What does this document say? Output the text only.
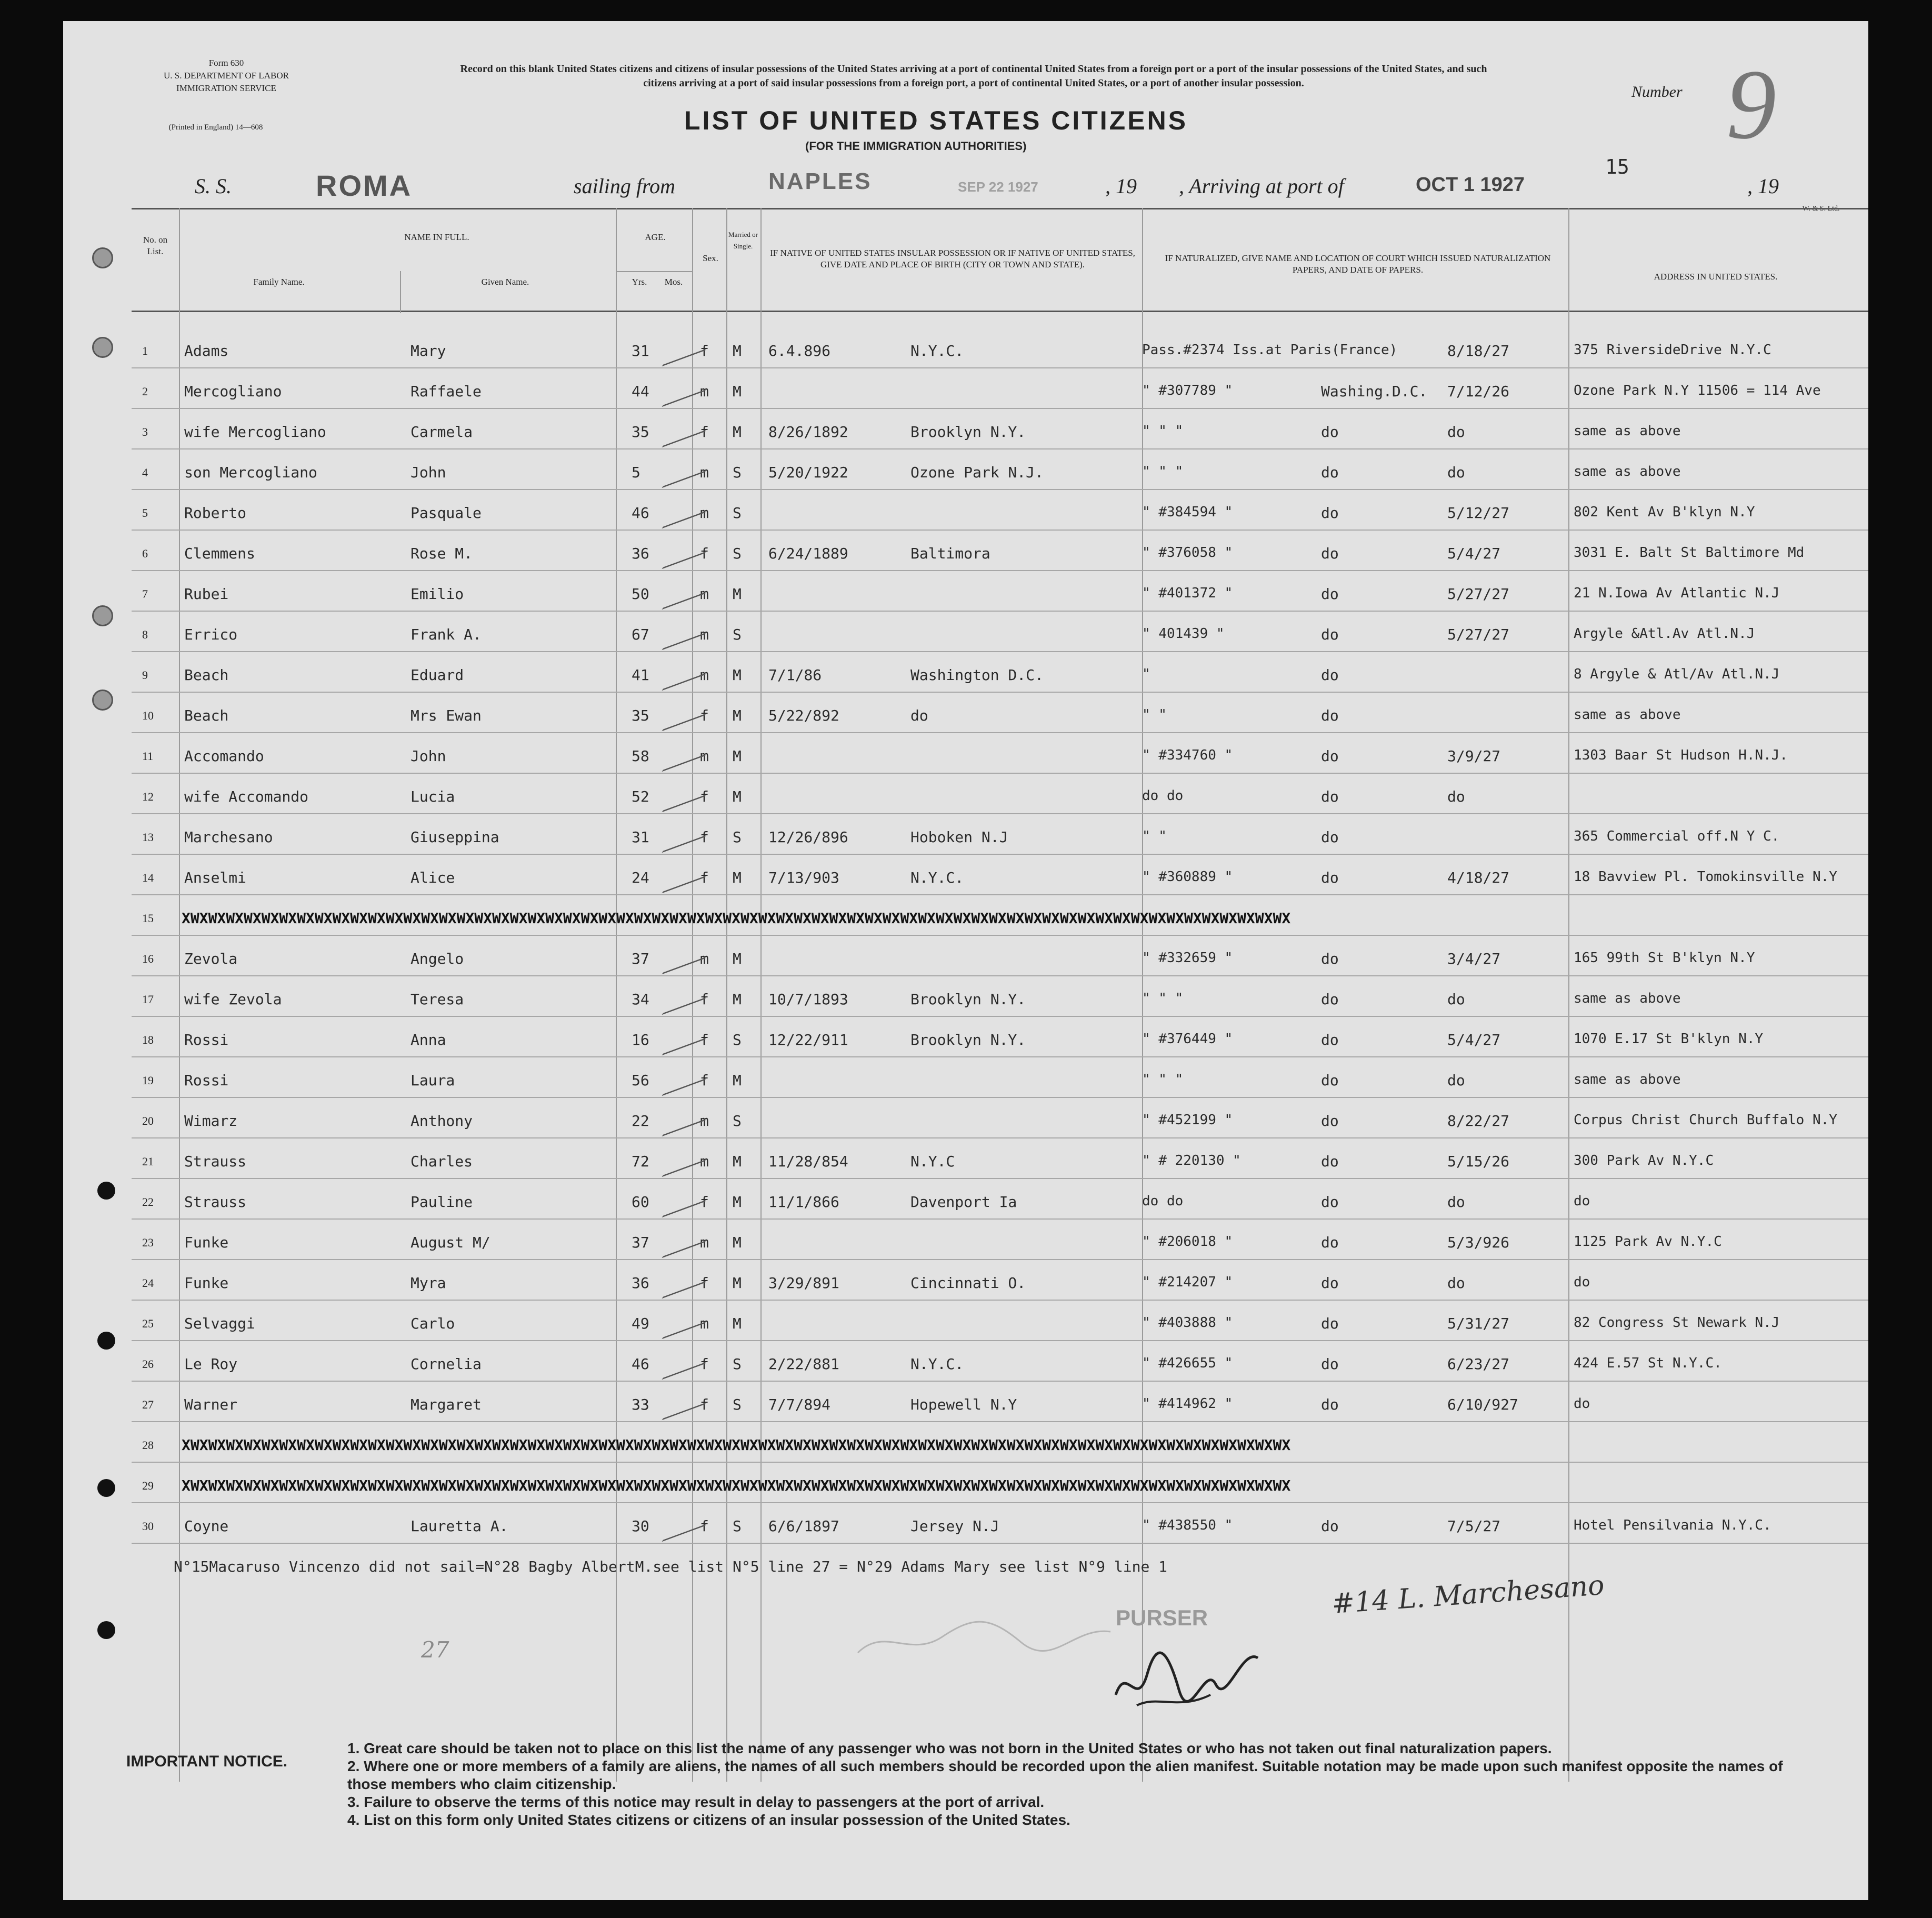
Form 630
U. S. DEPARTMENT OF LABOR
IMMIGRATION SERVICE
(Printed in England) 14—608
Record on this blank United States citizens and citizens of insular possessions of the United States arriving at a port of continental United States from a foreign port or a port of the insular possessions of the United States, and such citizens arriving at a port of said insular possessions from a foreign port, a port of continental United States, or a port of another insular possession.
LIST OF UNITED STATES CITIZENS
(FOR THE IMMIGRATION AUTHORITIES)
Number 9
S. S.	ROMA	sailing from	NAPLES	SEP 22 1927	, 19 , Arriving at port of	OCT 1 1927
15
, 19
No. on List.
NAME IN FULL.
Family Name.	Given Name.
AGE.
Yrs.	Mos.
Sex.
Married or Single.
IF NATIVE OF UNITED STATES INSULAR POSSESSION OR IF NATIVE OF UNITED STATES, GIVE DATE AND PLACE OF BIRTH (CITY OR TOWN AND STATE).
IF NATURALIZED, GIVE NAME AND LOCATION OF COURT WHICH ISSUED NATURALIZATION PAPERS, AND DATE OF PAPERS.
ADDRESS IN UNITED STATES.
1 Adams	Mary	31	f M 6.4.896	N.Y.C.	Pass.#2374 Iss.at Paris(France)	8/18/27	375 RiversideDrive N.Y.C
2 Mercogliano	Raffaele	44	m M	" #307789 "	Washing.D.C. 7/12/26	Ozone Park N.Y 11506 = 114 Ave
3 wife Mercogliano	Carmela	35	f M 8/26/1892	Brooklyn N.Y.	" " "	do	do	same as above
4 son Mercogliano	John	5	m S 5/20/1922	Ozone Park N.J.	" " "	do	do	same as above
5 Roberto	Pasquale	46	m S	" #384594 "	do	5/12/27	802 Kent Av B'klyn N.Y
6 Clemmens	Rose M.	36	f S 6/24/1889	Baltimora	" #376058 "	do	5/4/27	3031 E. Balt St Baltimore Md
7 Rubei	Emilio	50	m M	" #401372 "	do	5/27/27	21 N.Iowa Av Atlantic N.J
8 Errico	Frank A.	67	m S	" 401439 "	do	5/27/27	Argyle &Atl.Av Atl.N.J
9 Beach	Eduard	41	m M 7/1/86	Washington D.C.	"	do	8 Argyle & Atl/Av Atl.N.J
10 Beach	Mrs Ewan	35	f M 5/22/892	do	" "	do	same as above
11 Accomando	John	58	m M	" #334760 "	do	3/9/27	1303 Baar St Hudson H.N.J.
12 wife Accomando	Lucia	52	f M	do do	do	do
13 Marchesano	Giuseppina	31	f S 12/26/896	Hoboken N.J	" "	do	365 Commercial off.N Y C.
14 Anselmi	Alice	24	f M 7/13/903	N.Y.C.	" #360889 "	do	4/18/27	18 Bavview Pl. Tomokinsville N.Y
15 XWXWXWXWXWXWXWXWXWXWXWXWXWXWXWXWXWXWXWXWXWXWXWXWXWXWXWXWXWXWXWXWXWXWXWXWXWXWXWXWXWXWXWXWXWXWXWXWXWXWXWXWXWXWXWXWXWXWXWXWXWXWX
16 Zevola	Angelo	37	m M	" #332659 "	do	3/4/27	165 99th St B'klyn N.Y
17 wife Zevola	Teresa	34	f M 10/7/1893	Brooklyn N.Y.	" " "	do	do	same as above
18 Rossi	Anna	16	f S 12/22/911	Brooklyn N.Y.	" #376449 "	do	5/4/27	1070 E.17 St B'klyn N.Y
19 Rossi	Laura	56	f M	" " "	do	do	same as above
20 Wimarz	Anthony	22	m S	" #452199 "	do	8/22/27	Corpus Christ Church Buffalo N.Y
21 Strauss	Charles	72	m M 11/28/854	N.Y.C	" # 220130 "	do	5/15/26	300 Park Av N.Y.C
22 Strauss	Pauline	60	f M 11/1/866	Davenport Ia	do do	do	do	do
23 Funke	August M/	37	m M	" #206018 "	do	5/3/926	1125 Park Av N.Y.C
24 Funke	Myra	36	f M 3/29/891	Cincinnati O.	" #214207 "	do	do	do
25 Selvaggi	Carlo	49	m M	" #403888 "	do	5/31/27	82 Congress St Newark N.J
26 Le Roy	Cornelia	46	f S 2/22/881	N.Y.C.	" #426655 "	do	6/23/27	424 E.57 St N.Y.C.
27 Warner	Margaret	33	f S 7/7/894	Hopewell N.Y	" #414962 "	do	6/10/927	do
28 XWXWXWXWXWXWXWXWXWXWXWXWXWXWXWXWXWXWXWXWXWXWXWXWXWXWXWXWXWXWXWXWXWXWXWXWXWXWXWXWXWXWXWXWXWXWXWXWXWXWXWXWXWXWXWXWXWXWXWXWXWXWX
29 XWXWXWXWXWXWXWXWXWXWXWXWXWXWXWXWXWXWXWXWXWXWXWXWXWXWXWXWXWXWXWXWXWXWXWXWXWXWXWXWXWXWXWXWXWXWXWXWXWXWXWXWXWXWXWXWXWXWXWXWXWXWX
30 Coyne	Lauretta A.	30	f S 6/6/1897	Jersey N.J	" #438550 "	do	7/5/27	Hotel Pensilvania N.Y.C.
N°15Macaruso Vincenzo did not sail=N°28 Bagby AlbertM.see list N°5 line 27 = N°29 Adams Mary see list N°9 line 1
PURSER	#14 L. Marchesano
27
IMPORTANT NOTICE.
1. Great care should be taken not to place on this list the name of any passenger who was not born in the United States or who has not taken out final naturalization papers.
2. Where one or more members of a family are aliens, the names of all such members should be recorded upon the alien manifest. Suitable notation may be made upon such manifest opposite the names of those members who claim citizenship.
3. Failure to observe the terms of this notice may result in delay to passengers at the port of arrival.
4. List on this form only United States citizens or citizens of an insular possession of the United States.
